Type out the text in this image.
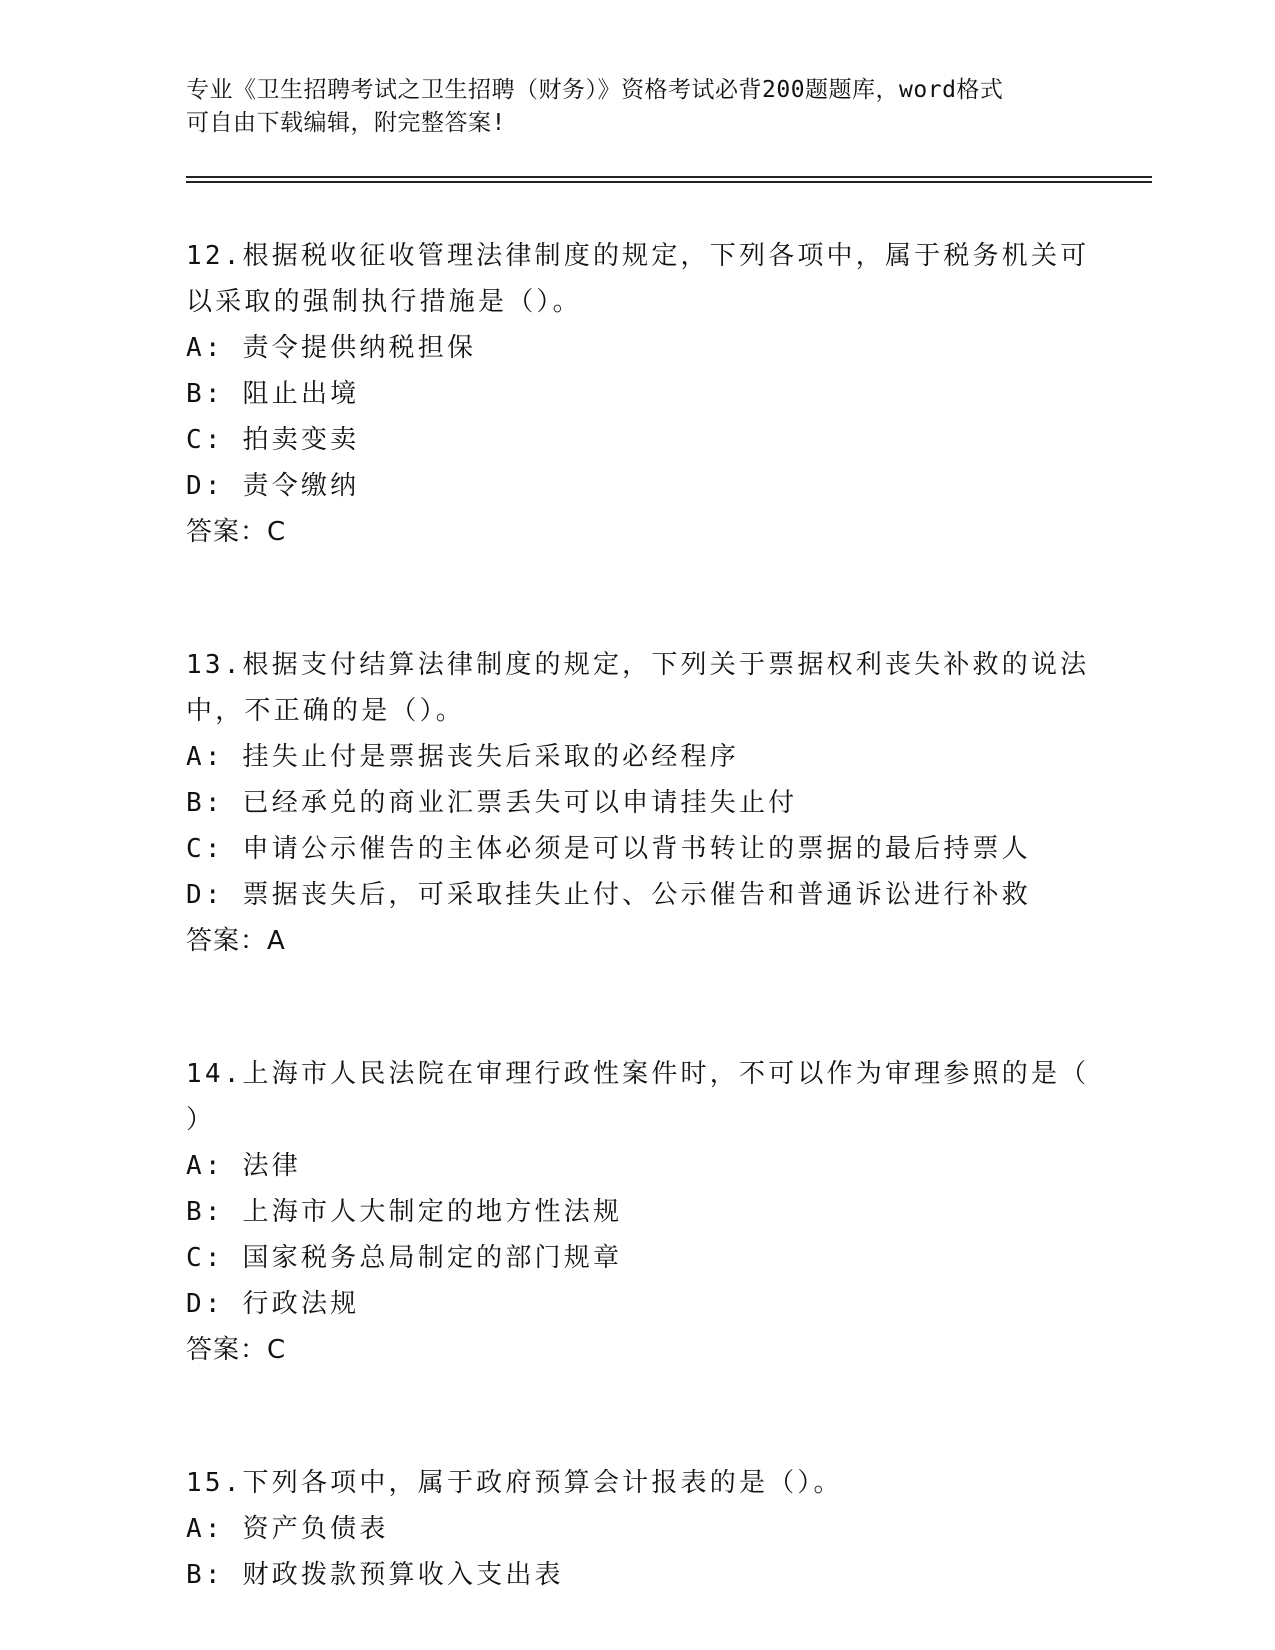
专业《卫生招聘考试之卫生招聘（财务）》资格考试必背200题题库，word格式
可自由下载编辑，附完整答案!
12.根据税收征收管理法律制度的规定，下列各项中，属于税务机关可
以采取的强制执行措施是（）。
A: 责令提供纳税担保
B: 阻止出境
C: 拍卖变卖
D: 责令缴纳
答案：C
13.根据支付结算法律制度的规定，下列关于票据权利丧失补救的说法
中，不正确的是（）。
A: 挂失止付是票据丧失后采取的必经程序
B: 已经承兑的商业汇票丢失可以申请挂失止付
C: 申请公示催告的主体必须是可以背书转让的票据的最后持票人
D: 票据丧失后，可采取挂失止付、公示催告和普通诉讼进行补救
答案：A
14.上海市人民法院在审理行政性案件时，不可以作为审理参照的是（
）
A: 法律
B: 上海市人大制定的地方性法规
C: 国家税务总局制定的部门规章
D: 行政法规
答案：C
15.下列各项中，属于政府预算会计报表的是（）。
A: 资产负债表
B: 财政拨款预算收入支出表
